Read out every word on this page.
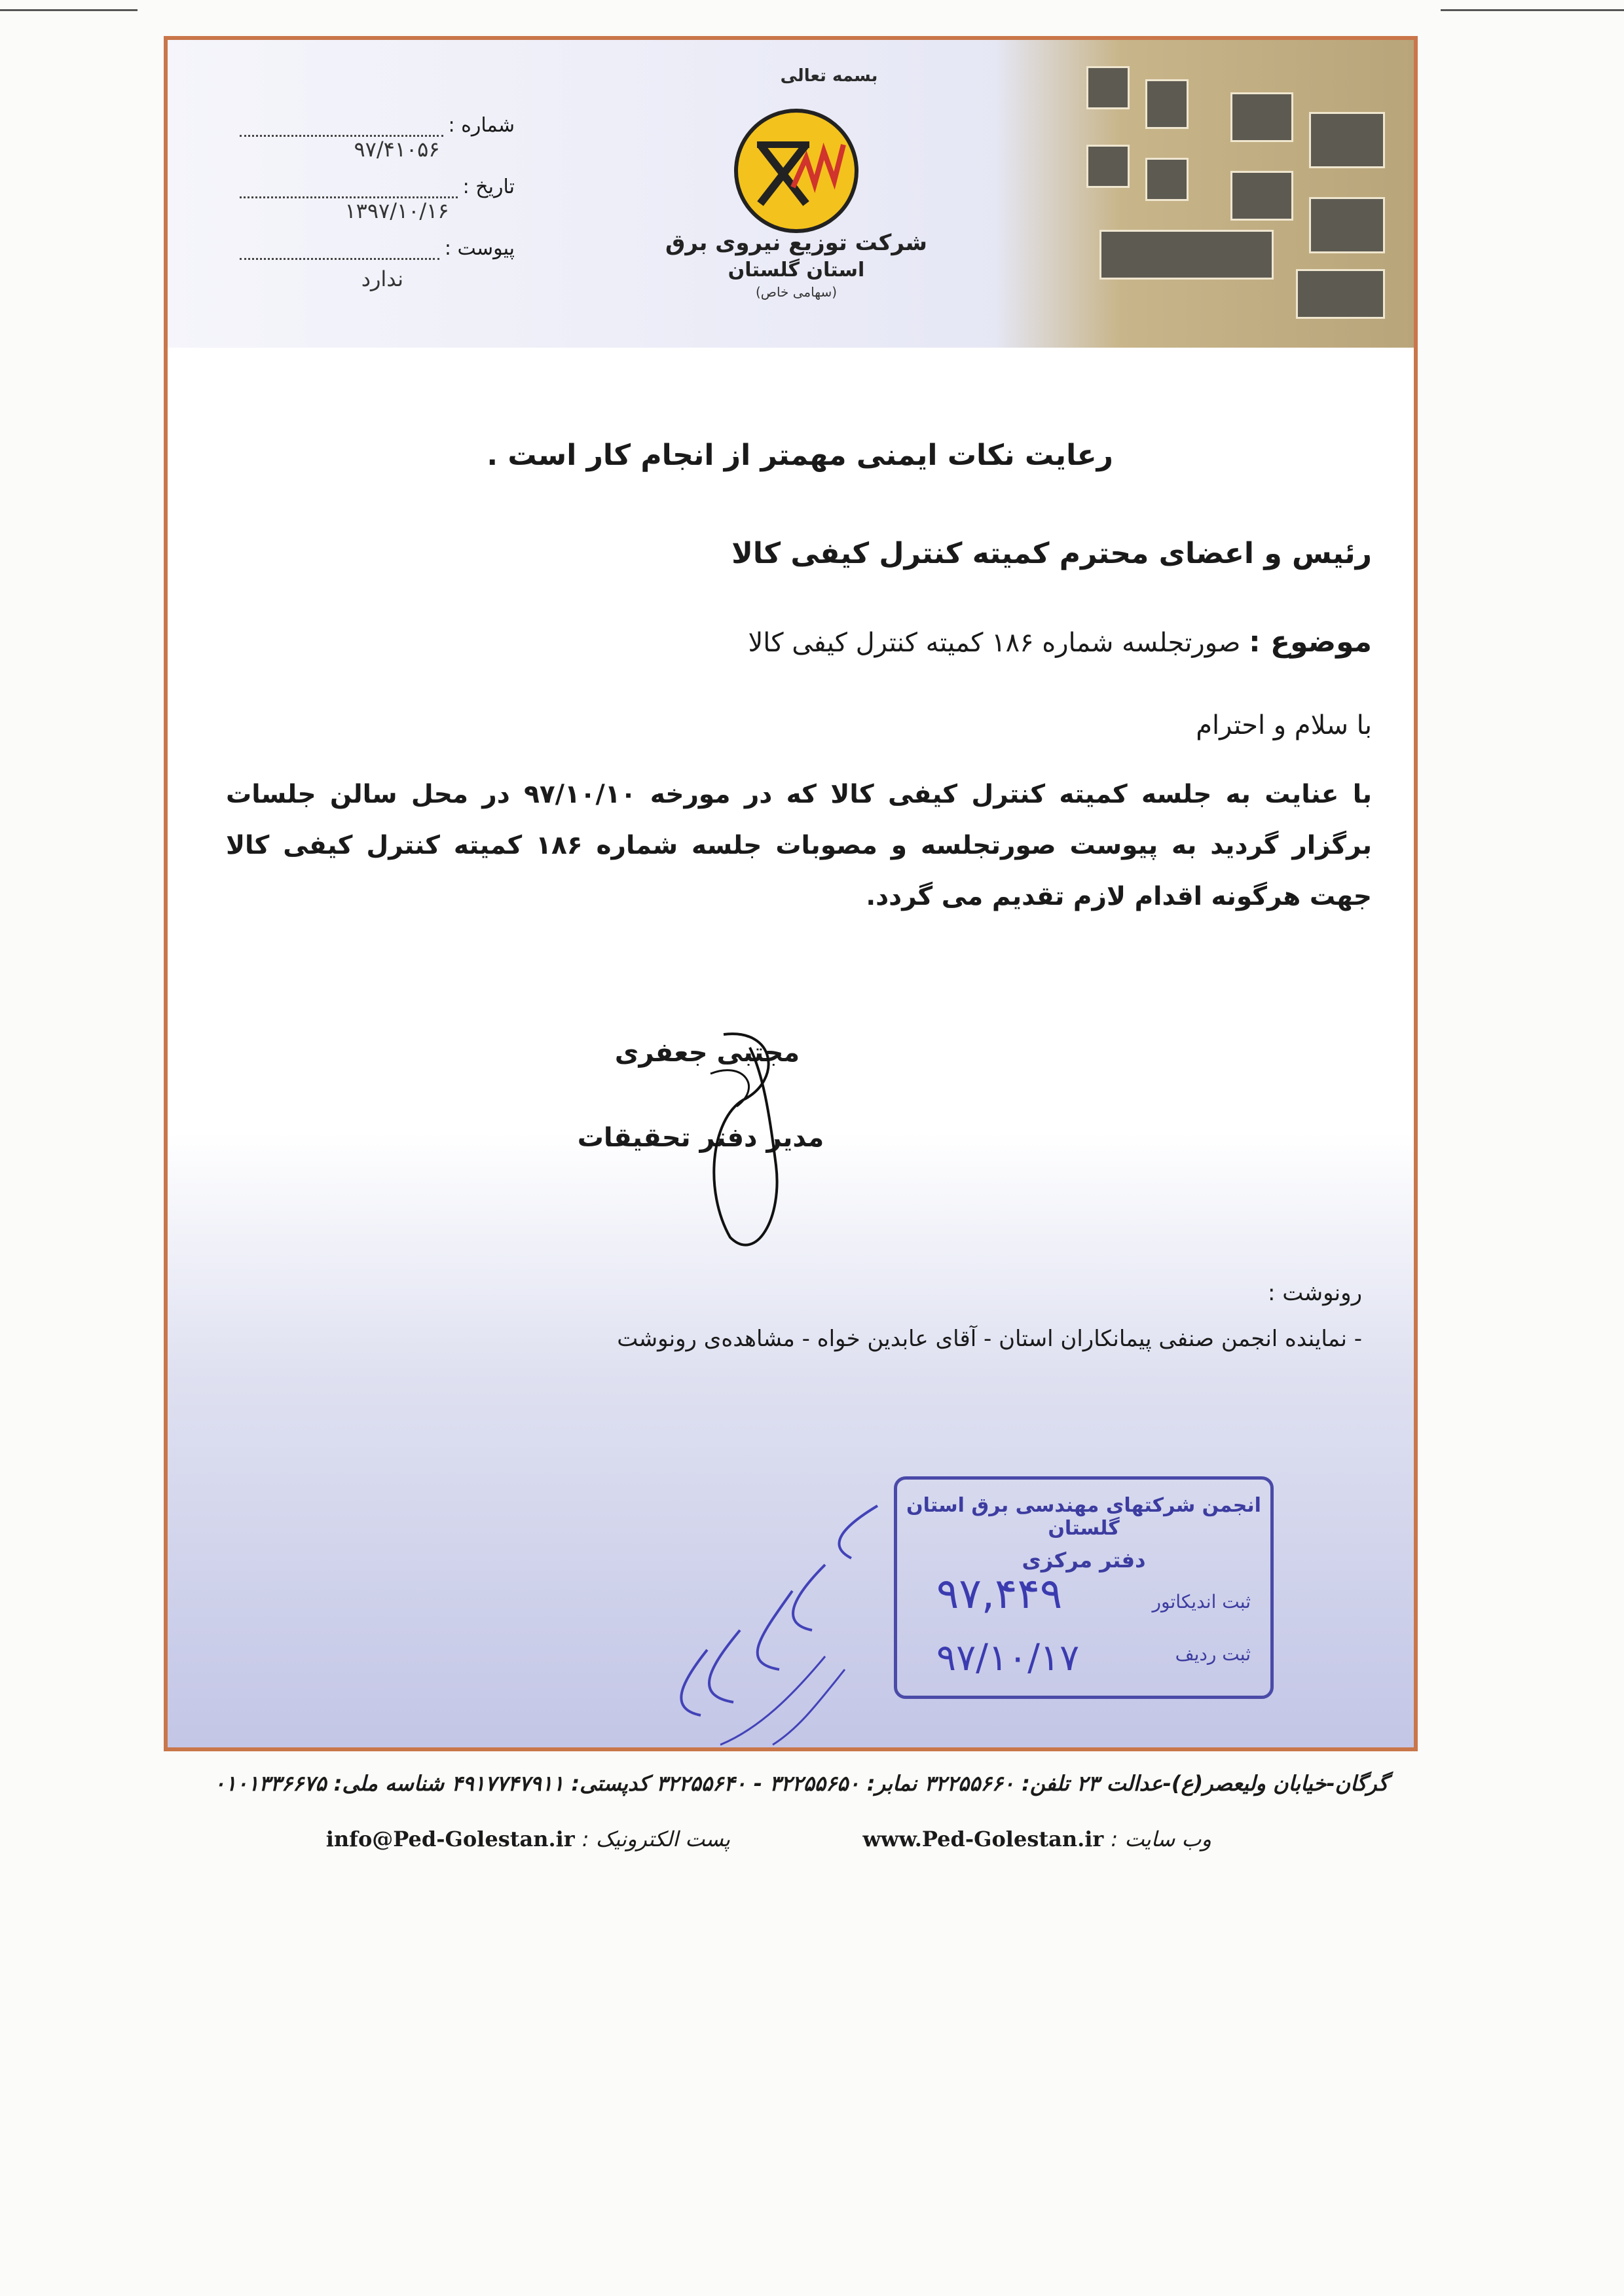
بسمه تعالی
شرکت توزیع نیروی برق
استان گلستان
(سهامی خاص)
شماره :
۹۷/۴۱۰۵۶
تاریخ :
۱۳۹۷/۱۰/۱۶
پیوست :
ندارد
رعایت نکات ایمنی مهمتر از انجام کار است .
رئیس و اعضای محترم کمیته کنترل کیفی کالا
موضوع : صورتجلسه شماره ۱۸۶ کمیته کنترل کیفی کالا
با سلام و احترام
با عنایت به جلسه کمیته کنترل کیفی کالا که در مورخه ۹۷/۱۰/۱۰ در محل سالن جلسات برگزار گردید به پیوست صورتجلسه و مصوبات جلسه شماره ۱۸۶ کمیته کنترل کیفی کالا جهت هرگونه اقدام لازم تقدیم می گردد.
مجتبی جعفری
مدیر دفتر تحقیقات
رونوشت :
- نماینده انجمن صنفی پیمانکاران استان - آقای عابدین خواه - مشاهده‌ی رونوشت
انجمن شرکتهای مهندسی برق استان گلستان
دفتر مرکزی
ثبت اندیکاتور
۹۷,۴۴۹
ثبت ردیف
۹۷/۱۰/۱۷
گرگان-خیابان ولیعصر(ع)-عدالت ۲۳ تلفن: ۳۲۲۵۵۶۶۰ نمابر: ۳۲۲۵۵۶۵۰ - ۳۲۲۵۵۶۴۰ کدپستی: ۴۹۱۷۷۴۷۹۱۱ شناسه ملی: ۰۱۰۱۳۳۶۶۷۵
وب سایت : www.Ped-Golestan.ir  پست الکترونیک : info@Ped-Golestan.ir
